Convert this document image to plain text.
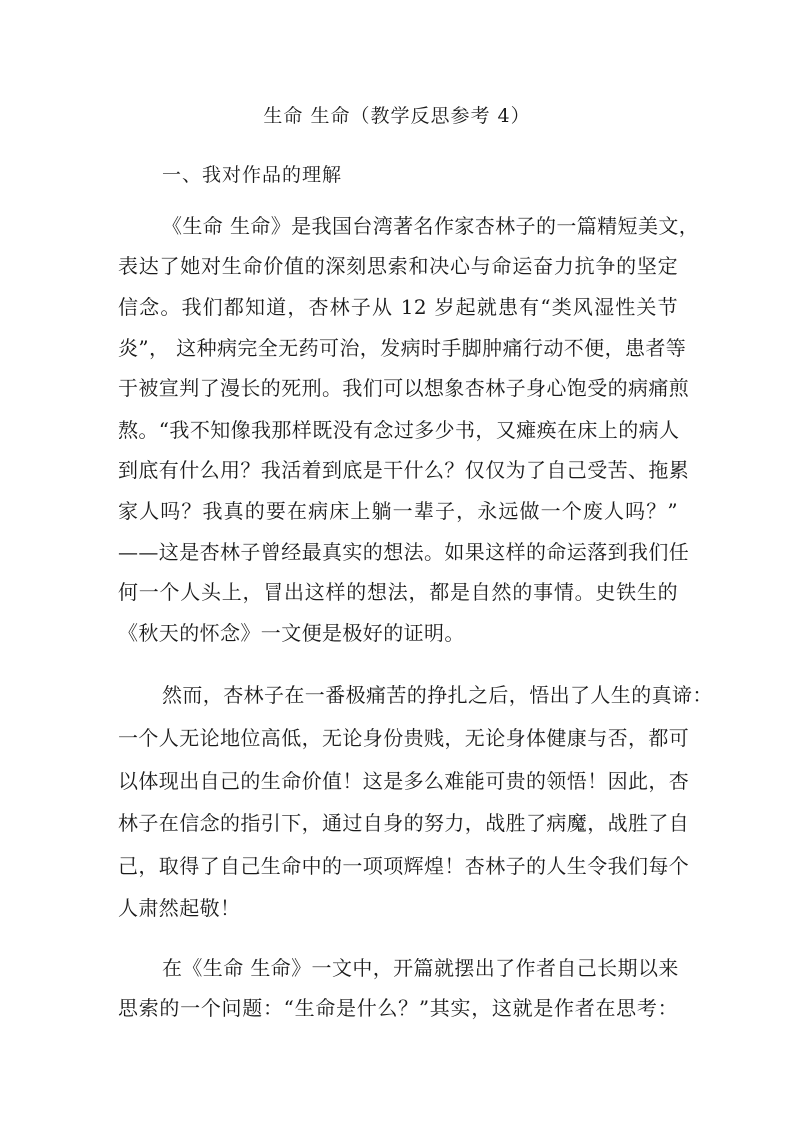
生命 生命（教学反思参考 4）
一、我对作品的理解
《生命 生命》是我国台湾著名作家杏林子的一篇精短美文，
表达了她对生命价值的深刻思索和决心与命运奋力抗争的坚定
信念。我们都知道，杏林子从 12 岁起就患有“类风湿性关节
炎”， 这种病完全无药可治，发病时手脚肿痛行动不便，患者等
于被宣判了漫长的死刑。我们可以想象杏林子身心饱受的病痛煎
熬。“我不知像我那样既没有念过多少书，又瘫痪在床上的病人
到底有什么用？我活着到底是干什么？仅仅为了自己受苦、拖累
家人吗？我真的要在病床上躺一辈子，永远做一个废人吗？”
——这是杏林子曾经最真实的想法。如果这样的命运落到我们任
何一个人头上，冒出这样的想法，都是自然的事情。史铁生的
《秋天的怀念》一文便是极好的证明。
然而，杏林子在一番极痛苦的挣扎之后，悟出了人生的真谛：
一个人无论地位高低，无论身份贵贱，无论身体健康与否，都可
以体现出自己的生命价值！这是多么难能可贵的领悟！因此，杏
林子在信念的指引下，通过自身的努力，战胜了病魔，战胜了自
己，取得了自己生命中的一项项辉煌！杏林子的人生令我们每个
人肃然起敬！
在《生命 生命》一文中，开篇就摆出了作者自己长期以来
思索的一个问题：“生命是什么？”其实，这就是作者在思考：
